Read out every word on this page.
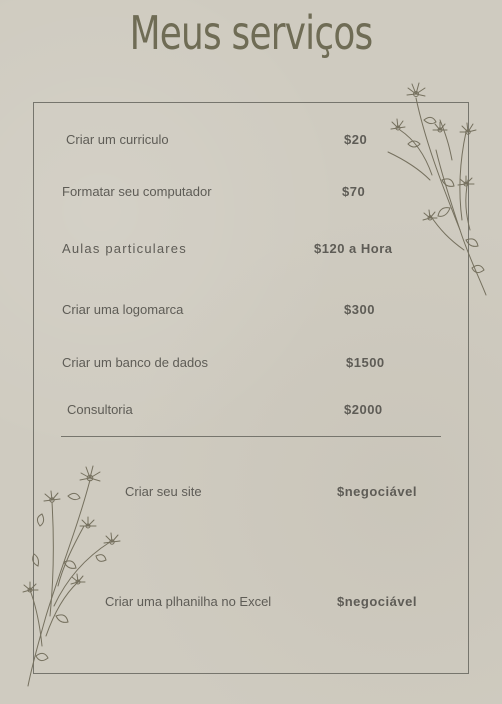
Meus serviços
Criar um curriculo	$20
Formatar seu computador	$70
Aulas particulares	$120 a Hora
Criar uma logomarca	$300
Criar um banco de dados	$1500
Consultoria	$2000
Criar seu site	$negociável
Criar uma plhanilha no Excel	$negociável
